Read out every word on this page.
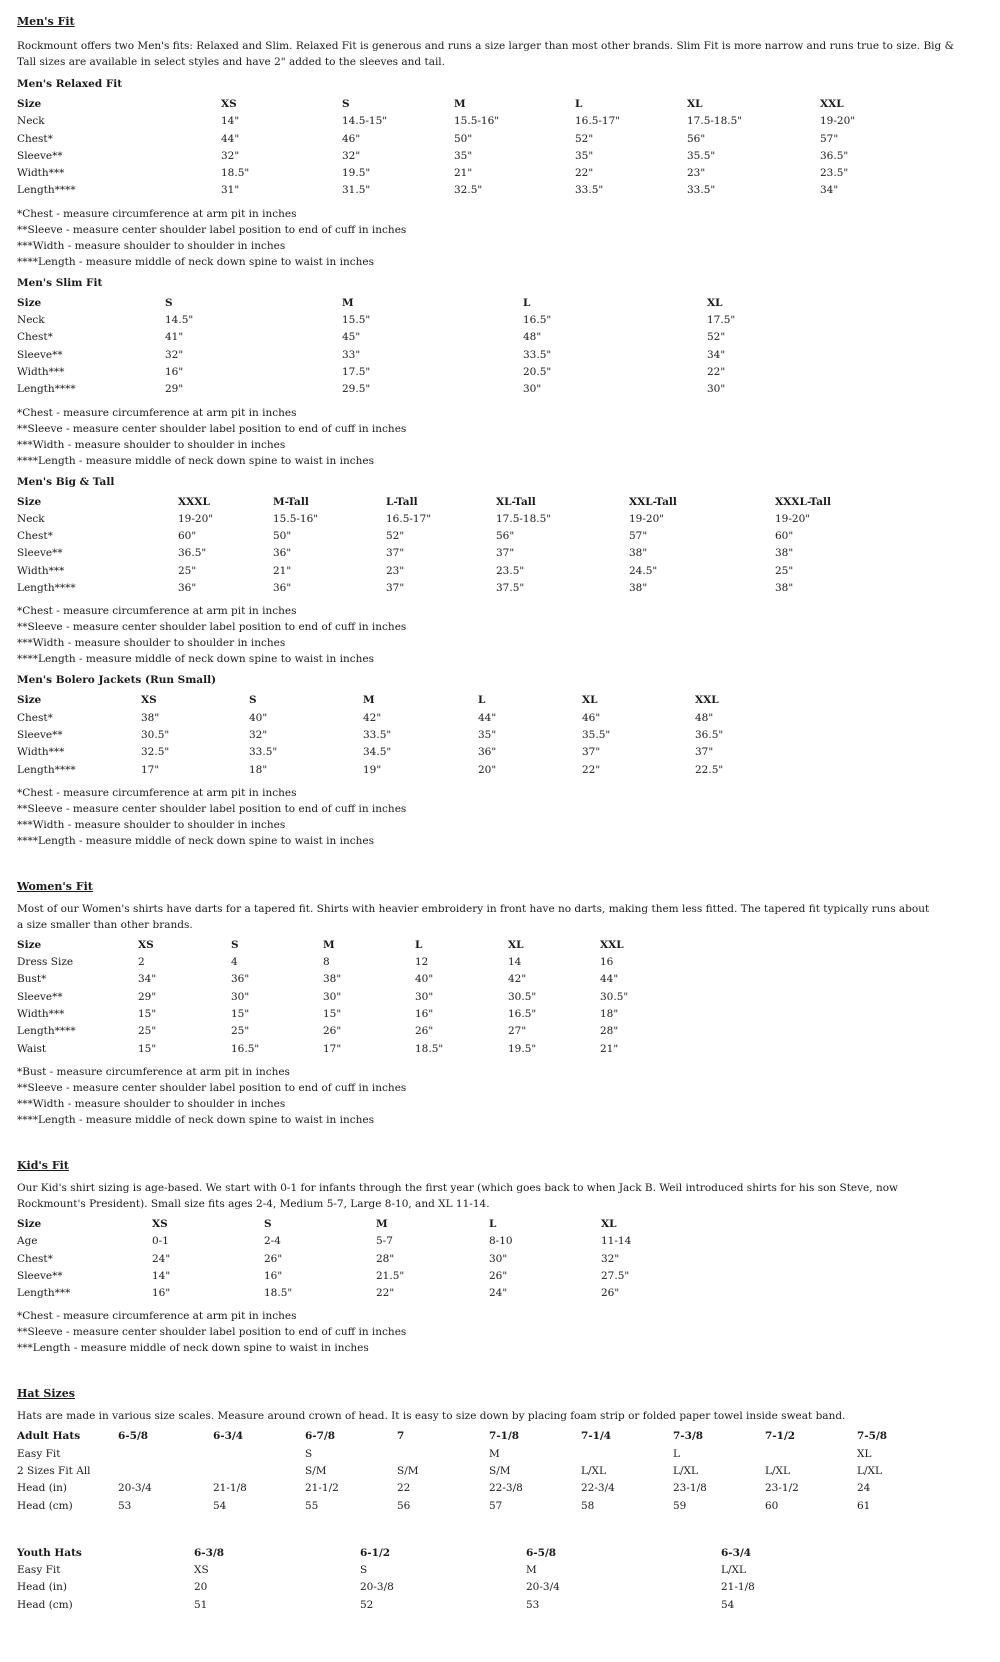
Men's Fit

Rockmount offers two Men's fits: Relaxed and Slim. Relaxed Fit is generous and runs a size larger than most other brands. Slim Fit is more narrow and runs true to size. Big & Tall sizes are available in select styles and have 2" added to the sleeves and tail.

Men's Relaxed Fit
Size	XS	S	M	L	XL	XXL
Neck	14"	14.5-15"	15.5-16"	16.5-17"	17.5-18.5"	19-20"
Chest*	44"	46"	50"	52"	56"	57"
Sleeve**	32"	32"	35"	35"	35.5"	36.5"
Width***	18.5"	19.5"	21"	22"	23"	23.5"
Length****	31"	31.5"	32.5"	33.5"	33.5"	34"
*Chest - measure circumference at arm pit in inches
**Sleeve - measure center shoulder label position to end of cuff in inches
***Width - measure shoulder to shoulder in inches
****Length - measure middle of neck down spine to waist in inches
Men's Slim Fit
Size	S	M	L	XL
Neck	14.5"	15.5"	16.5"	17.5"
Chest*	41"	45"	48"	52"
Sleeve**	32"	33"	33.5"	34"
Width***	16"	17.5"	20.5"	22"
Length****	29"	29.5"	30"	30"
*Chest - measure circumference at arm pit in inches
**Sleeve - measure center shoulder label position to end of cuff in inches
***Width - measure shoulder to shoulder in inches
****Length - measure middle of neck down spine to waist in inches
Men's Big & Tall
Size	XXXL	M-Tall	L-Tall	XL-Tall	XXL-Tall	XXXL-Tall
Neck	19-20"	15.5-16"	16.5-17"	17.5-18.5"	19-20"	19-20"
Chest*	60"	50"	52"	56"	57"	60"
Sleeve**	36.5"	36"	37"	37"	38"	38"
Width***	25"	21"	23"	23.5"	24.5"	25"
Length****	36"	36"	37"	37.5"	38"	38"
*Chest - measure circumference at arm pit in inches
**Sleeve - measure center shoulder label position to end of cuff in inches
***Width - measure shoulder to shoulder in inches
****Length - measure middle of neck down spine to waist in inches
Men's Bolero Jackets (Run Small)
Size	XS	S	M	L	XL	XXL
Chest*	38"	40"	42"	44"	46"	48"
Sleeve**	30.5"	32"	33.5"	35"	35.5"	36.5"
Width***	32.5"	33.5"	34.5"	36"	37"	37"
Length****	17"	18"	19"	20"	22"	22.5"
*Chest - measure circumference at arm pit in inches
**Sleeve - measure center shoulder label position to end of cuff in inches
***Width - measure shoulder to shoulder in inches
****Length - measure middle of neck down spine to waist in inches
Women's Fit

Most of our Women's shirts have darts for a tapered fit. Shirts with heavier embroidery in front have no darts, making them less fitted. The tapered fit typically runs about a size smaller than other brands.

Size	XS	S	M	L	XL	XXL
Dress Size	2	4	8	12	14	16
Bust*	34"	36"	38"	40"	42"	44"
Sleeve**	29"	30"	30"	30"	30.5"	30.5"
Width***	15"	15"	15"	16"	16.5"	18"
Length****	25"	25"	26"	26"	27"	28"
Waist	15"	16.5"	17"	18.5"	19.5"	21"
*Bust - measure circumference at arm pit in inches
**Sleeve - measure center shoulder label position to end of cuff in inches
***Width - measure shoulder to shoulder in inches
****Length - measure middle of neck down spine to waist in inches
Kid's Fit

Our Kid's shirt sizing is age-based. We start with 0-1 for infants through the first year (which goes back to when Jack B. Weil introduced shirts for his son Steve, now Rockmount's President). Small size fits ages 2-4, Medium 5-7, Large 8-10, and XL 11-14.

Size	XS	S	M	L	XL
Age	0-1	2-4	5-7	8-10	11-14
Chest*	24"	26"	28"	30"	32"
Sleeve**	14"	16"	21.5"	26"	27.5"
Length***	16"	18.5"	22"	24"	26"
*Chest - measure circumference at arm pit in inches
**Sleeve - measure center shoulder label position to end of cuff in inches
***Length - measure middle of neck down spine to waist in inches
Hat Sizes

Hats are made in various size scales. Measure around crown of head. It is easy to size down by placing foam strip or folded paper towel inside sweat band.

Adult Hats	6-5/8	6-3/4	6-7/8	7	7-1/8	7-1/4	7-3/8	7-1/2	7-5/8
Easy Fit			S		M		L		XL
2 Sizes Fit All			S/M	S/M	S/M	L/XL	L/XL	L/XL	L/XL
Head (in)	20-3/4	21-1/8	21-1/2	22	22-3/8	22-3/4	23-1/8	23-1/2	24
Head (cm)	53	54	55	56	57	58	59	60	61
Youth Hats	6-3/8	6-1/2	6-5/8	6-3/4
Easy Fit	XS	S	M	L/XL
Head (in)	20	20-3/8	20-3/4	21-1/8
Head (cm)	51	52	53	54
